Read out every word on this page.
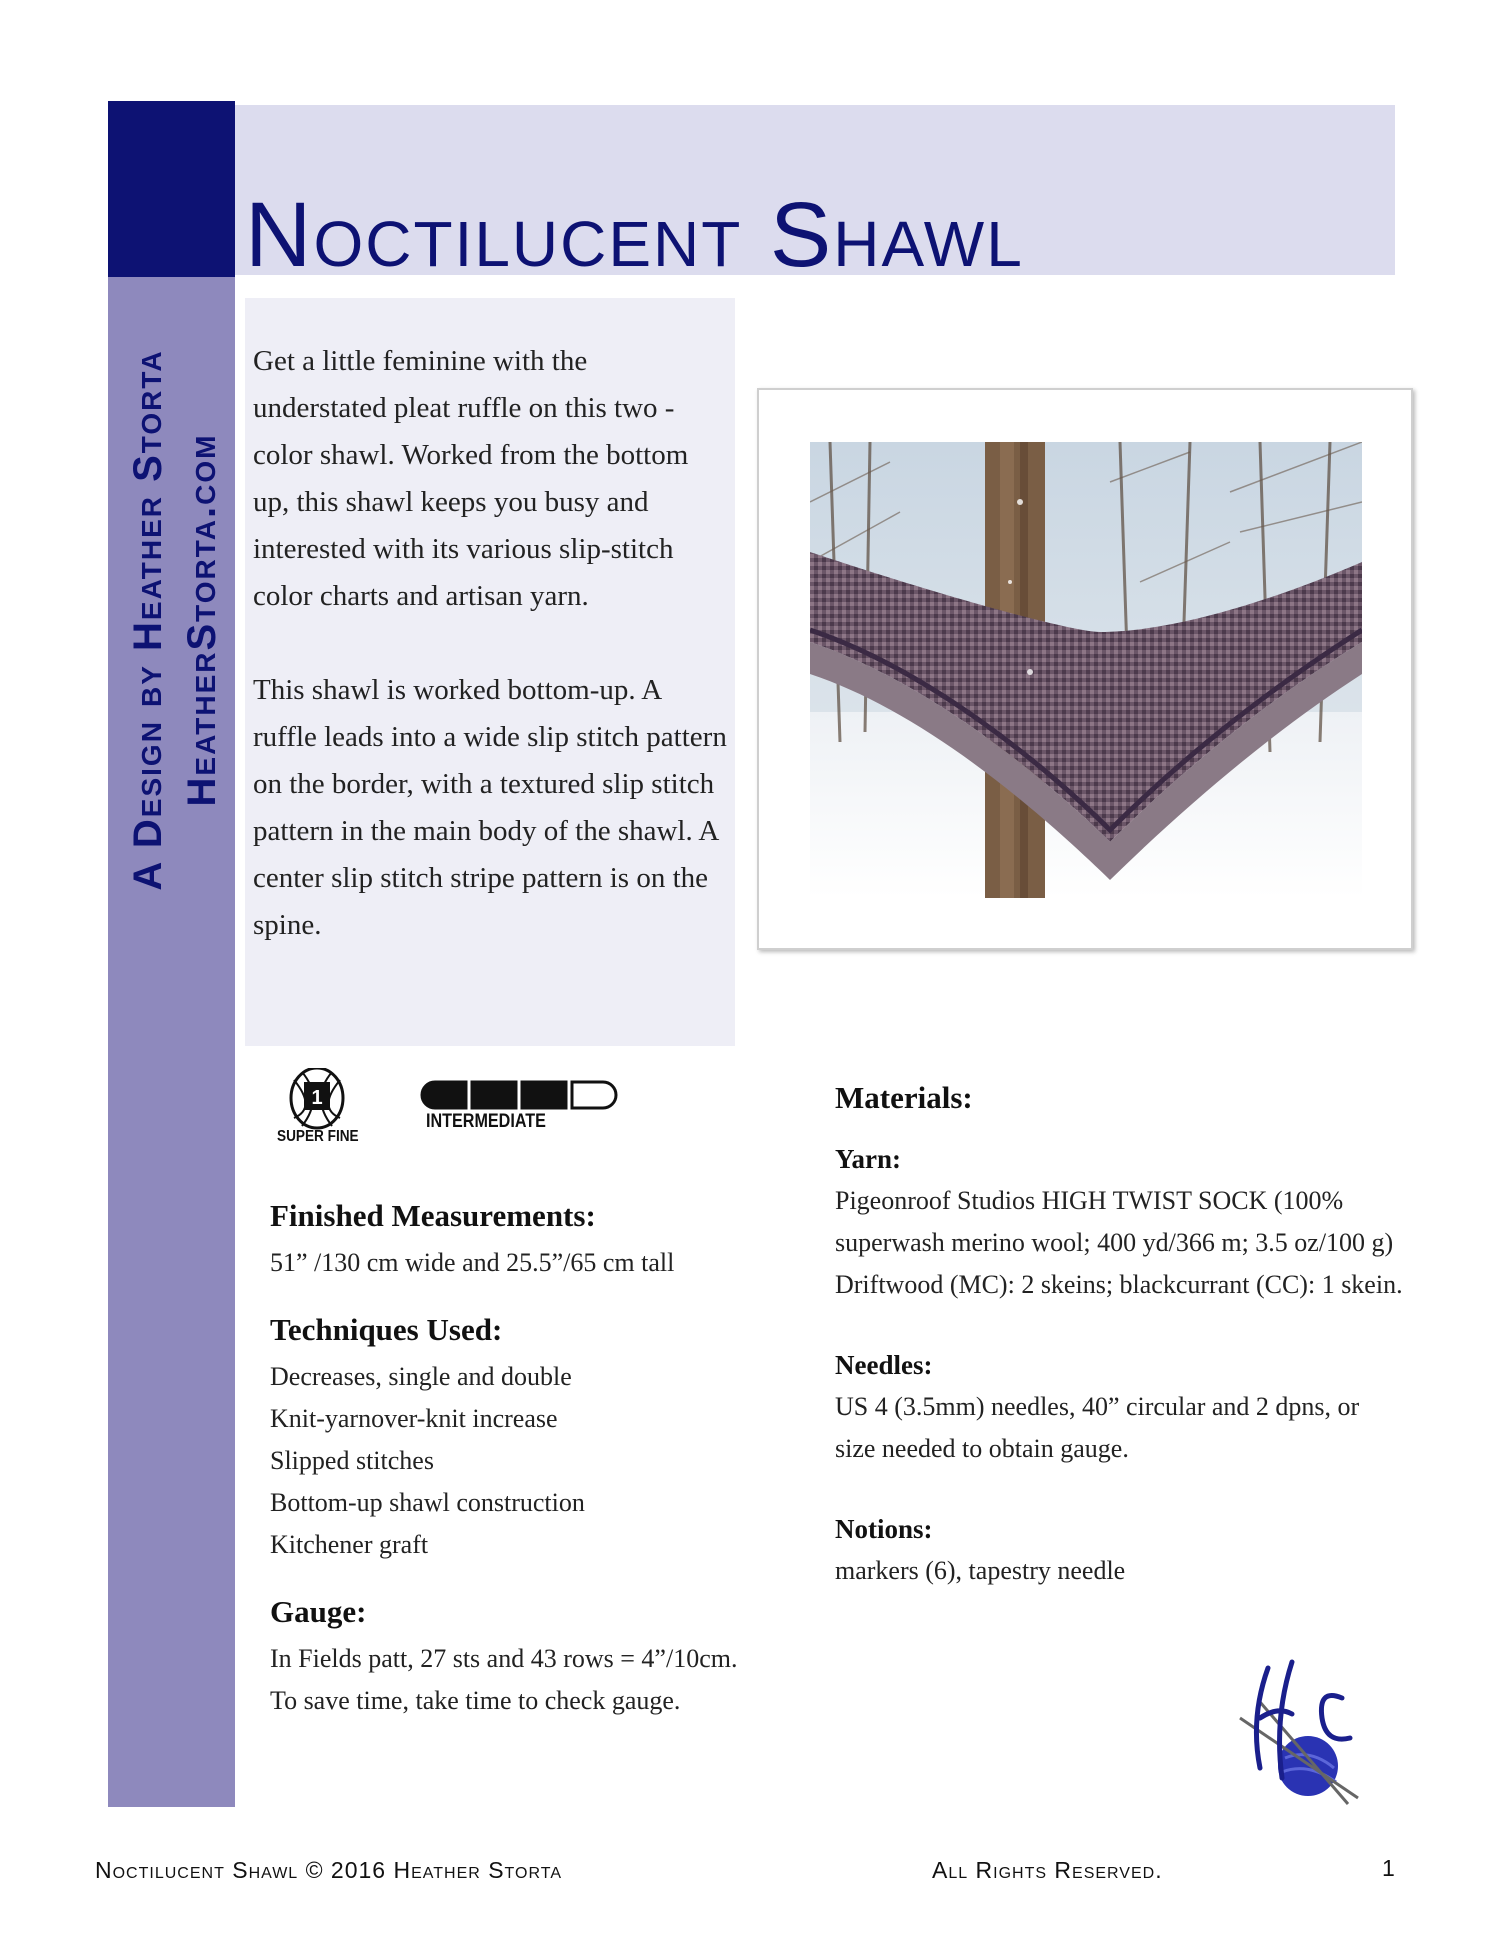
A Design by Heather Storta HeatherStorta.com
Noctilucent Shawl

Get a little feminine with the understated pleat ruffle on this two -color shawl. Worked from the bottom up, this shawl keeps you busy and interested with its various slip-stitch color charts and artisan yarn.

This shawl is worked bottom-up. A ruffle leads into a wide slip stitch pattern on the border, with a textured slip stitch pattern in the main body of the shawl. A center slip stitch stripe pattern is on the spine.

1
SUPER FINE
INTERMEDIATE
Finished Measurements:
51” /130 cm wide and 25.5”/65 cm tall
Techniques Used:
Decreases, single and double
Knit-yarnover-knit increase
Slipped stitches
Bottom-up shawl construction
Kitchener graft
Gauge:
In Fields patt, 27 sts and 43 rows = 4”/10cm.
To save time, take time to check gauge.
Materials:
Yarn:
Pigeonroof Studios HIGH TWIST SOCK (100% superwash merino wool; 400 yd/366 m; 3.5 oz/100 g) Driftwood (MC): 2 skeins; blackcurrant (CC): 1 skein.
Needles:
US 4 (3.5mm) needles, 40” circular and 2 dpns, or size needed to obtain gauge.
Notions:
markers (6), tapestry needle
Noctilucent Shawl © 2016 Heather Storta	All Rights Reserved.	1
